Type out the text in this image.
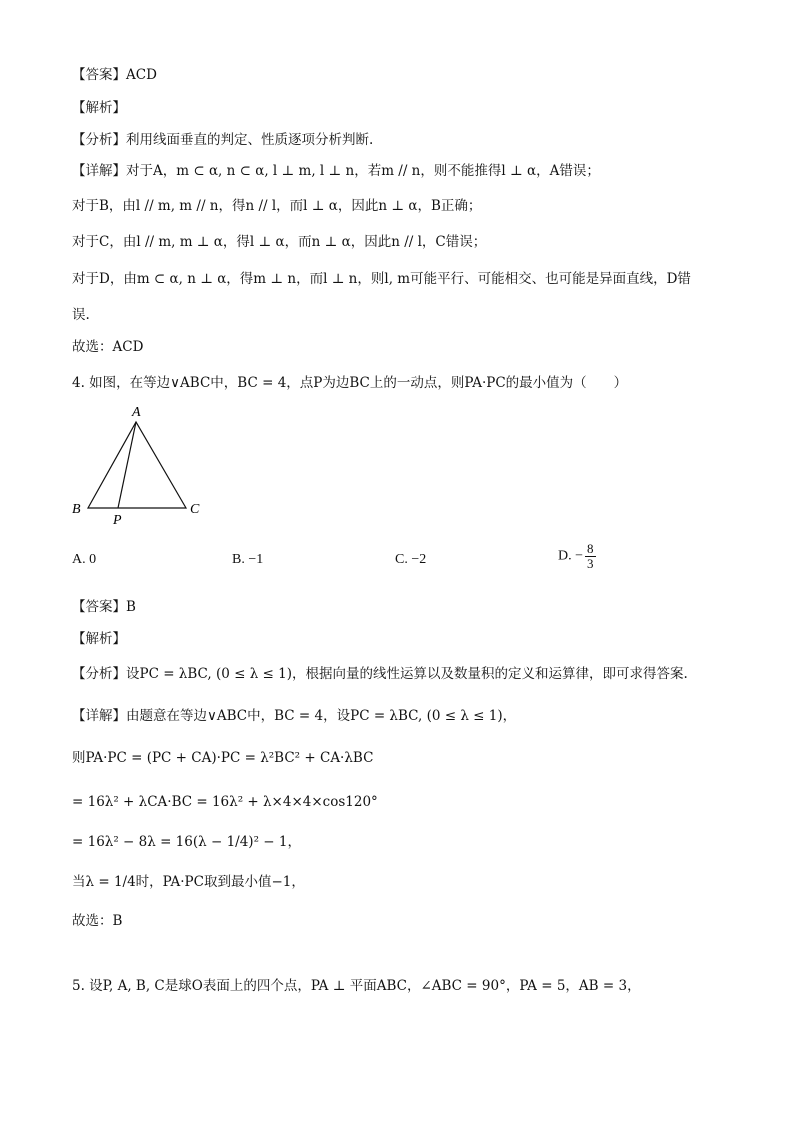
【答案】ACD
【解析】
【分析】利用线面垂直的判定、性质逐项分析判断.
【详解】对于A，m ⊂ α, n ⊂ α, l ⊥ m, l ⊥ n，若m // n，则不能推得l ⊥ α，A错误；
对于B，由l // m, m // n，得n // l，而l ⊥ α，因此n ⊥ α，B正确；
对于C，由l // m, m ⊥ α，得l ⊥ α，而n ⊥ α，因此n // l，C错误；
对于D，由m ⊂ α, n ⊥ α，得m ⊥ n，而l ⊥ n，则l, m可能平行、可能相交、也可能是异面直线，D错
误.
故选：ACD
4. 如图，在等边∨ABC中，BC = 4，点P为边BC上的一动点，则PA·PC的最小值为（　　）
A
B	C
P
A. 0	B. −1	C. −2	D. − $\frac{8}{3}$
【答案】B
【解析】
【分析】设PC = λBC, (0 ≤ λ ≤ 1)，根据向量的线性运算以及数量积的定义和运算律，即可求得答案.
【详解】由题意在等边∨ABC中，BC = 4，设PC = λBC, (0 ≤ λ ≤ 1)，
则PA·PC = (PC + CA)·PC = λ²BC² + CA·λBC
= 16λ² + λCA·BC = 16λ² + λ×4×4×cos120°
= 16λ² − 8λ = 16(λ − 1/4)² − 1，
当λ = 1/4时，PA·PC取到最小值−1，
故选：B
5. 设P, A, B, C是球O表面上的四个点，PA ⊥ 平面ABC，∠ABC = 90°，PA = 5，AB = 3，
